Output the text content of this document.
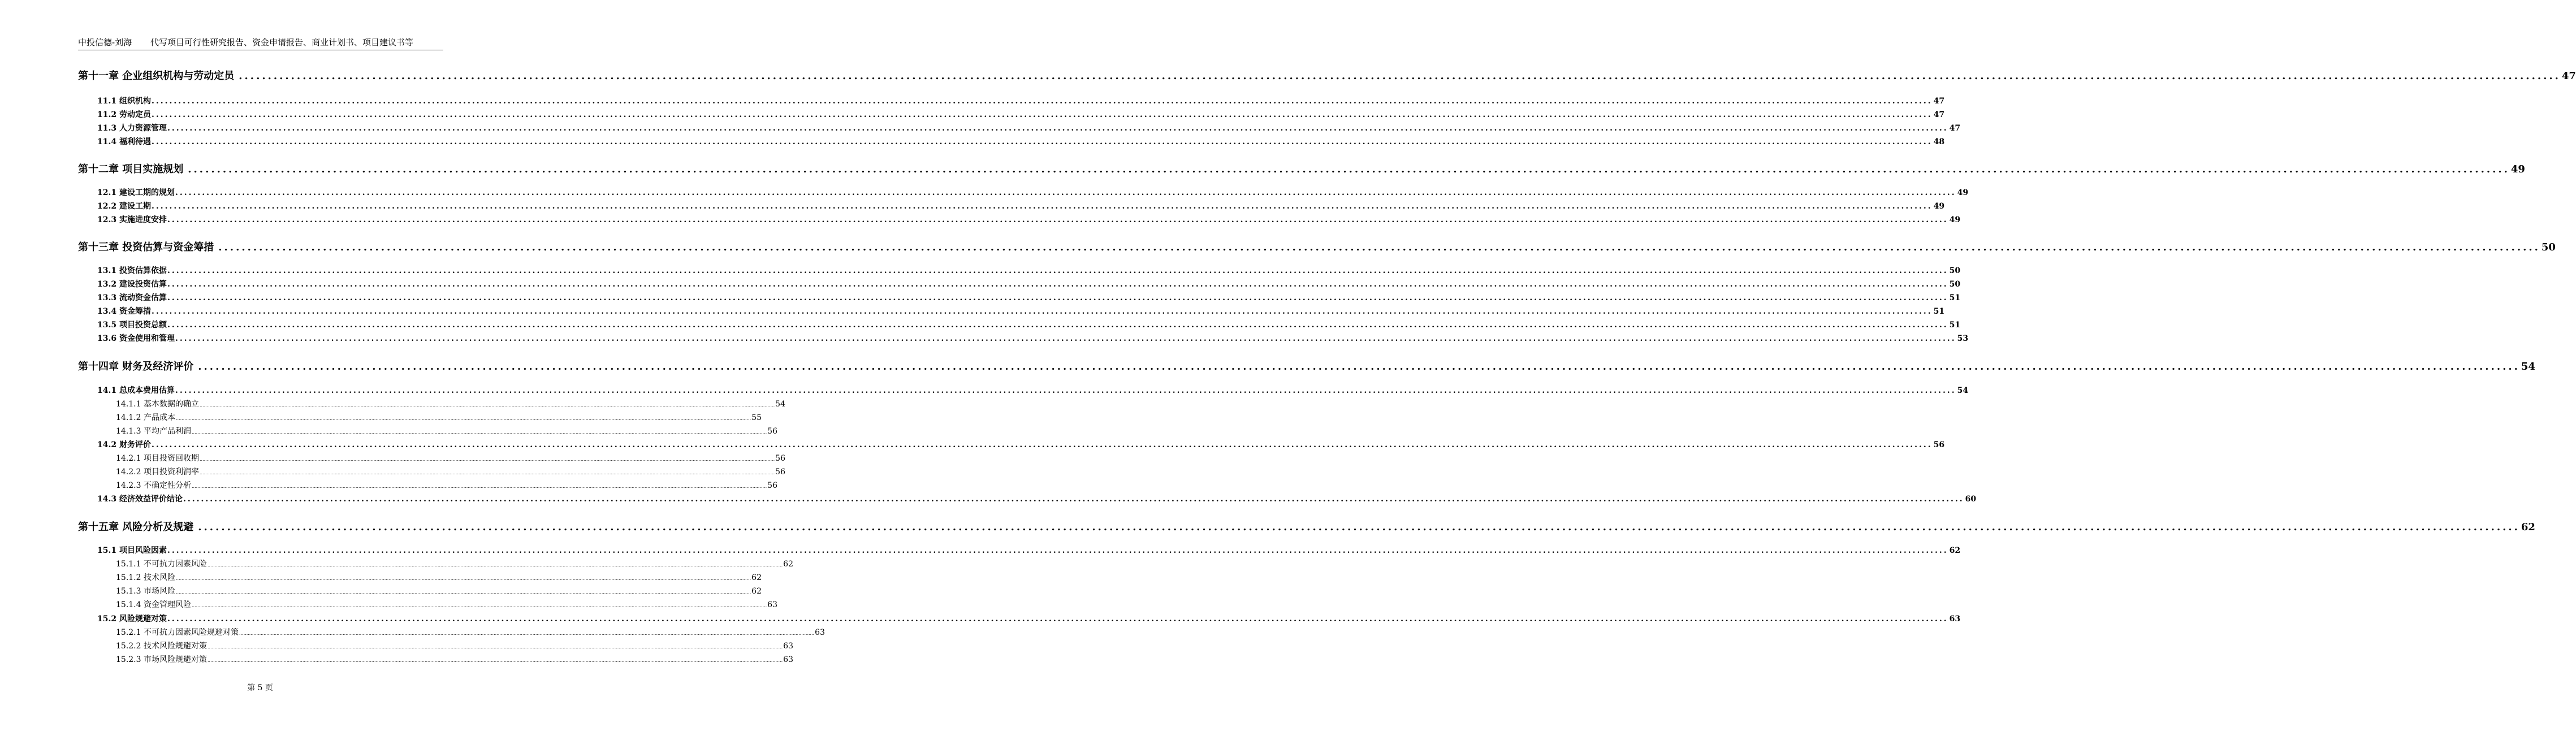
中投信德-刘海 代写项目可行性研究报告、资金申请报告、商业计划书、项目建议书等
第十一章 企业组织机构与劳动定员 ................................................................................................................................................................................................................................................................................................................................................................................................................ 47
11.1 组织机构 ................................................................................................................................................................................................................................................................................................................................................................................................................ 47
11.2 劳动定员 ................................................................................................................................................................................................................................................................................................................................................................................................................ 47
11.3 人力资源管理 ................................................................................................................................................................................................................................................................................................................................................................................................................ 47
11.4 福利待遇 ................................................................................................................................................................................................................................................................................................................................................................................................................ 48
第十二章 项目实施规划 ................................................................................................................................................................................................................................................................................................................................................................................................................ 49
12.1 建设工期的规划 ................................................................................................................................................................................................................................................................................................................................................................................................................ 49
12.2 建设工期 ................................................................................................................................................................................................................................................................................................................................................................................................................ 49
12.3 实施进度安排 ................................................................................................................................................................................................................................................................................................................................................................................................................ 49
第十三章 投资估算与资金筹措 ................................................................................................................................................................................................................................................................................................................................................................................................................ 50
13.1 投资估算依据 ................................................................................................................................................................................................................................................................................................................................................................................................................ 50
13.2 建设投资估算 ................................................................................................................................................................................................................................................................................................................................................................................................................ 50
13.3 流动资金估算 ................................................................................................................................................................................................................................................................................................................................................................................................................ 51
13.4 资金筹措 ................................................................................................................................................................................................................................................................................................................................................................................................................ 51
13.5 项目投资总额 ................................................................................................................................................................................................................................................................................................................................................................................................................ 51
13.6 资金使用和管理 ................................................................................................................................................................................................................................................................................................................................................................................................................ 53
第十四章 财务及经济评价 ................................................................................................................................................................................................................................................................................................................................................................................................................ 54
14.1 总成本费用估算 ................................................................................................................................................................................................................................................................................................................................................................................................................ 54
14.1.1 基本数据的确立 ................................................................................................................................................................................................................................................................................................................................................................................................................ 54
14.1.2 产品成本 ................................................................................................................................................................................................................................................................................................................................................................................................................ 55
14.1.3 平均产品利润 ................................................................................................................................................................................................................................................................................................................................................................................................................ 56
14.2 财务评价 ................................................................................................................................................................................................................................................................................................................................................................................................................ 56
14.2.1 项目投资回收期 ................................................................................................................................................................................................................................................................................................................................................................................................................ 56
14.2.2 项目投资利润率 ................................................................................................................................................................................................................................................................................................................................................................................................................ 56
14.2.3 不确定性分析 ................................................................................................................................................................................................................................................................................................................................................................................................................ 56
14.3 经济效益评价结论 ................................................................................................................................................................................................................................................................................................................................................................................................................ 60
第十五章 风险分析及规避 ................................................................................................................................................................................................................................................................................................................................................................................................................ 62
15.1 项目风险因素 ................................................................................................................................................................................................................................................................................................................................................................................................................ 62
15.1.1 不可抗力因素风险 ................................................................................................................................................................................................................................................................................................................................................................................................................ 62
15.1.2 技术风险 ................................................................................................................................................................................................................................................................................................................................................................................................................ 62
15.1.3 市场风险 ................................................................................................................................................................................................................................................................................................................................................................................................................ 62
15.1.4 资金管理风险 ................................................................................................................................................................................................................................................................................................................................................................................................................ 63
15.2 风险规避对策 ................................................................................................................................................................................................................................................................................................................................................................................................................ 63
15.2.1 不可抗力因素风险规避对策 ................................................................................................................................................................................................................................................................................................................................................................................................................ 63
15.2.2 技术风险规避对策 ................................................................................................................................................................................................................................................................................................................................................................................................................ 63
15.2.3 市场风险规避对策 ................................................................................................................................................................................................................................................................................................................................................................................................................ 63
第 5 页
